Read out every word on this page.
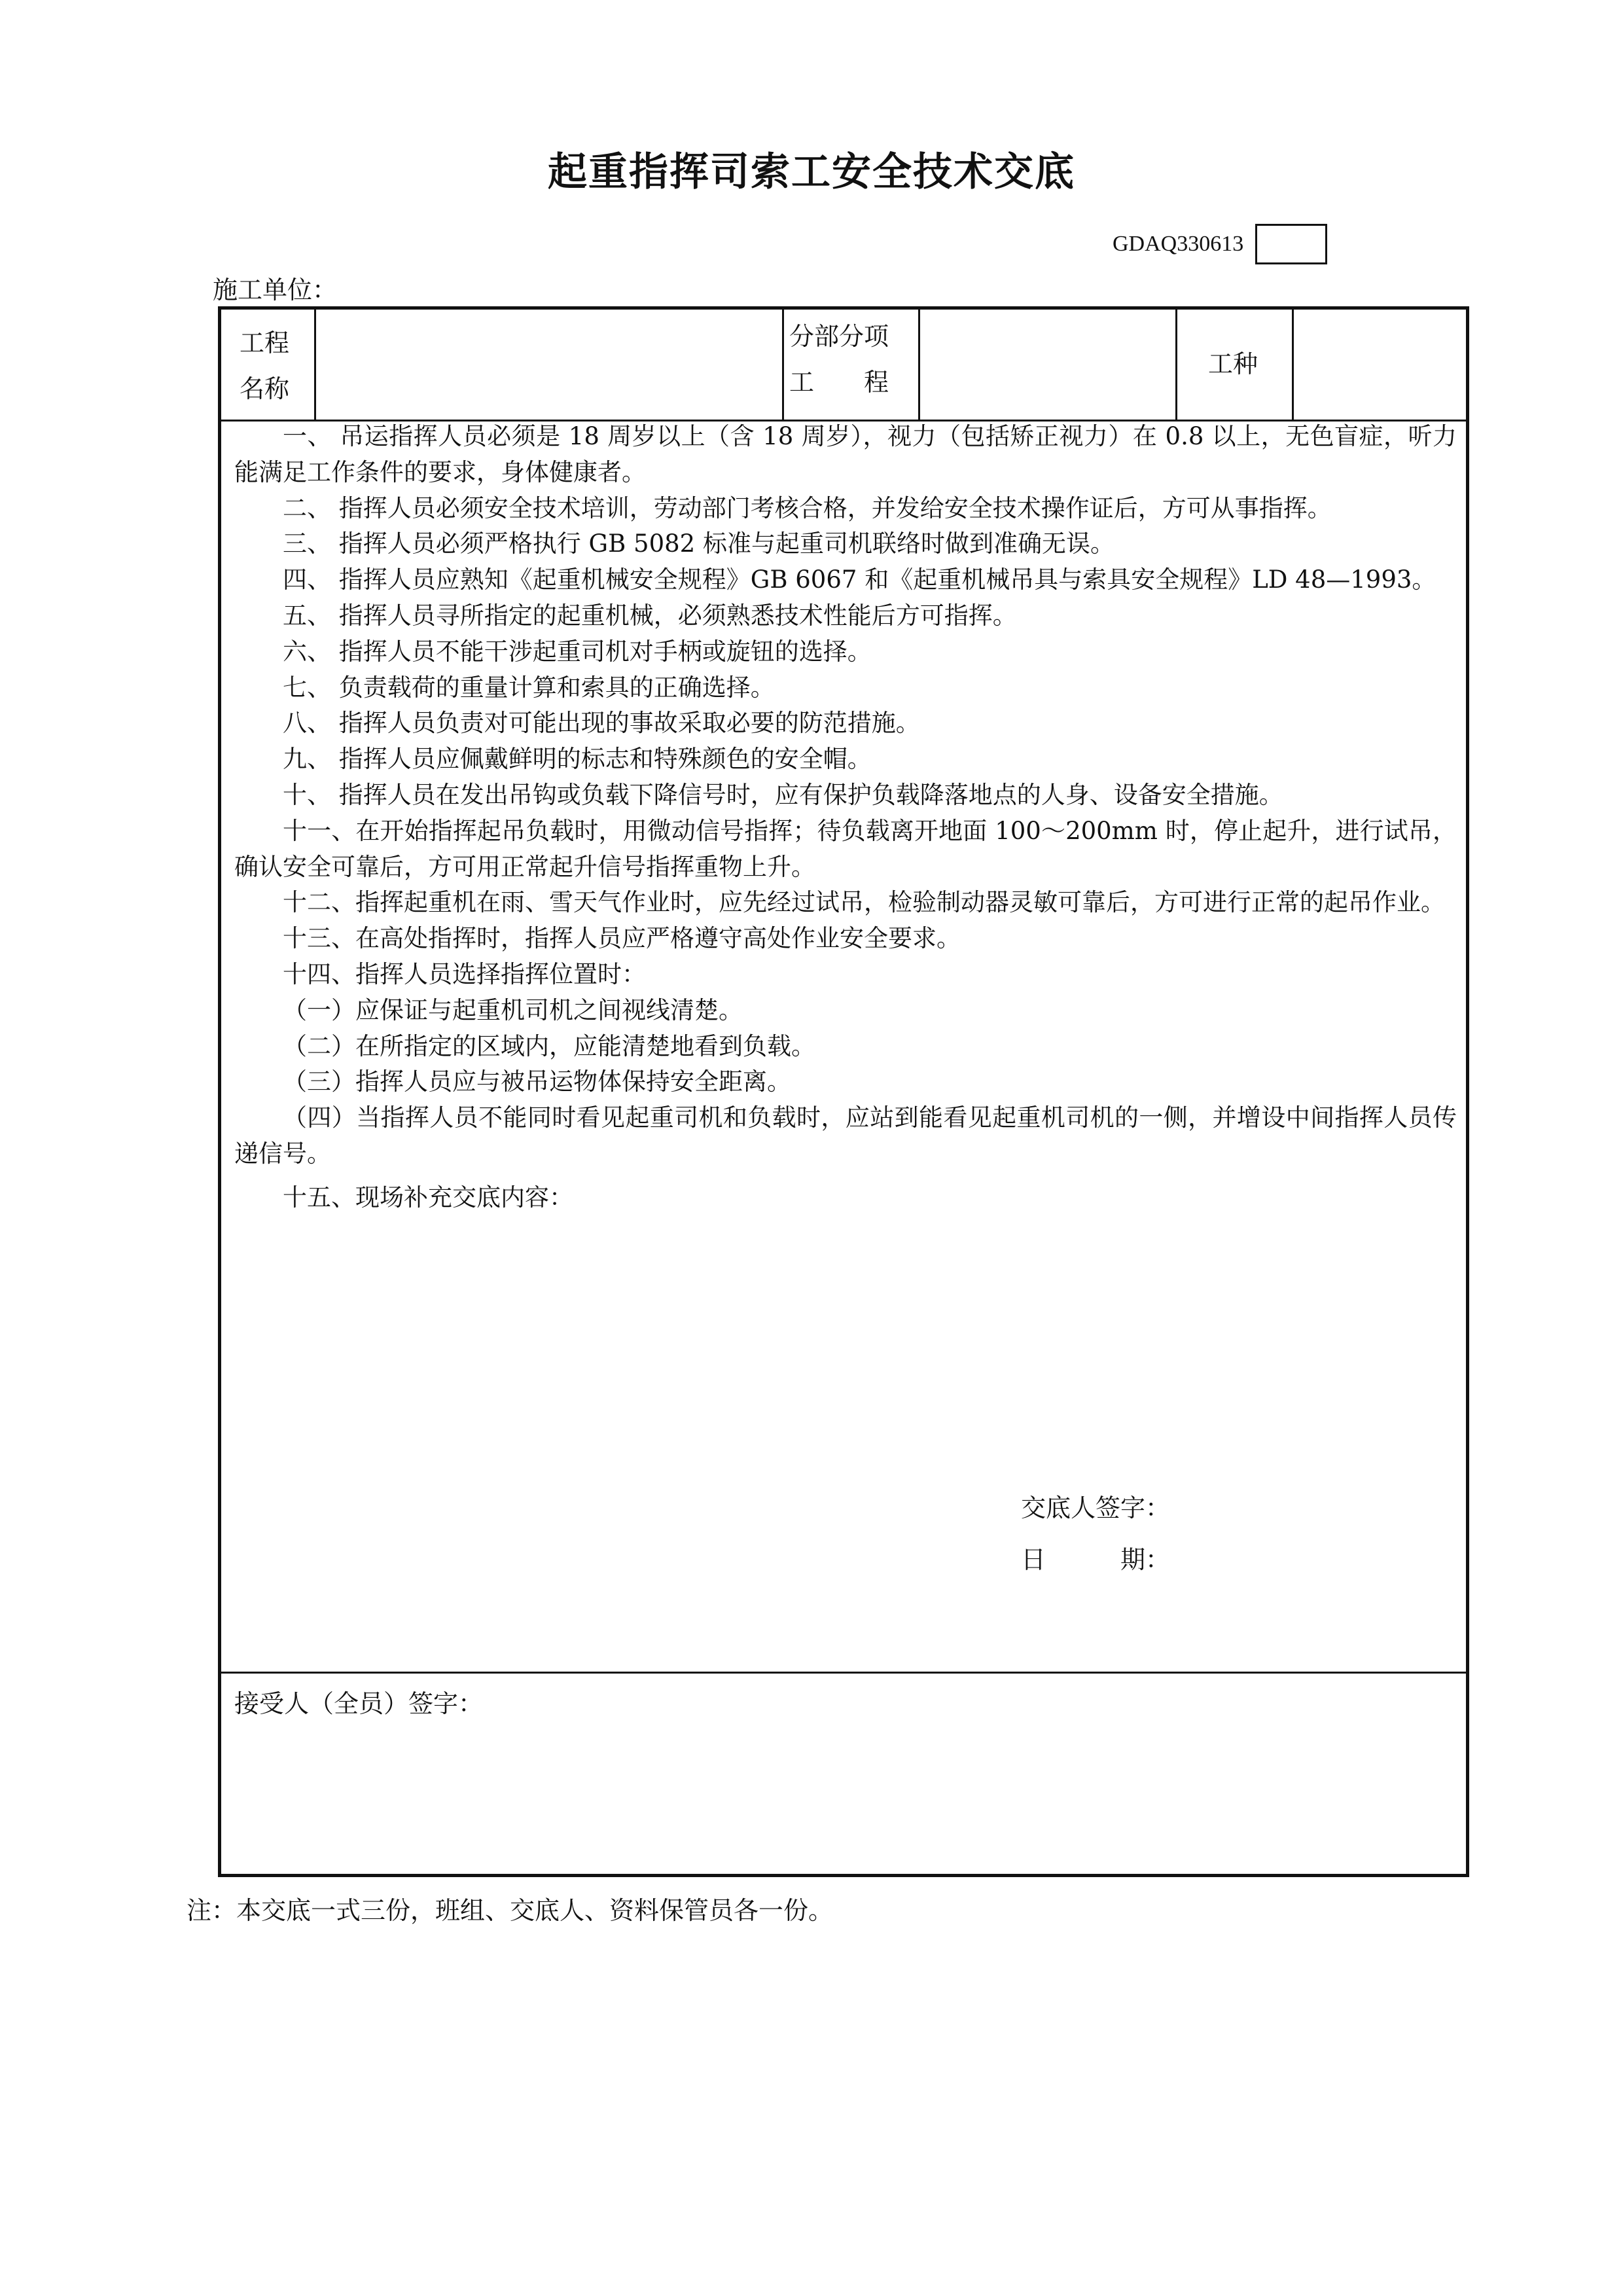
起重指挥司索工安全技术交底
GDAQ330613
施工单位：
工程
名称
分部分项
工　　程
工种

一、 吊运指挥人员必须是 18 周岁以上（含 18 周岁），视力（包括矫正视力）在 0.8 以上，无色盲症，听力能满足工作条件的要求，身体健康者。

二、 指挥人员必须安全技术培训，劳动部门考核合格，并发给安全技术操作证后，方可从事指挥。

三、 指挥人员必须严格执行 GB 5082 标准与起重司机联络时做到准确无误。

四、 指挥人员应熟知《起重机械安全规程》GB 6067 和《起重机械吊具与索具安全规程》LD 48—1993。

五、 指挥人员寻所指定的起重机械，必须熟悉技术性能后方可指挥。

六、 指挥人员不能干涉起重司机对手柄或旋钮的选择。

七、 负责载荷的重量计算和索具的正确选择。

八、 指挥人员负责对可能出现的事故采取必要的防范措施。

九、 指挥人员应佩戴鲜明的标志和特殊颜色的安全帽。

十、 指挥人员在发出吊钩或负载下降信号时，应有保护负载降落地点的人身、设备安全措施。

十一、在开始指挥起吊负载时，用微动信号指挥；待负载离开地面 100～200mm 时，停止起升，进行试吊，确认安全可靠后，方可用正常起升信号指挥重物上升。

十二、指挥起重机在雨、雪天气作业时，应先经过试吊，检验制动器灵敏可靠后，方可进行正常的起吊作业。

十三、在高处指挥时，指挥人员应严格遵守高处作业安全要求。

十四、指挥人员选择指挥位置时：

（一）应保证与起重机司机之间视线清楚。

（二）在所指定的区域内，应能清楚地看到负载。

（三）指挥人员应与被吊运物体保持安全距离。

（四）当指挥人员不能同时看见起重司机和负载时，应站到能看见起重机司机的一侧，并增设中间指挥人员传递信号。

十五、现场补充交底内容：

交底人签字：
日　　　期：
接受人（全员）签字：
注：本交底一式三份，班组、交底人、资料保管员各一份。
